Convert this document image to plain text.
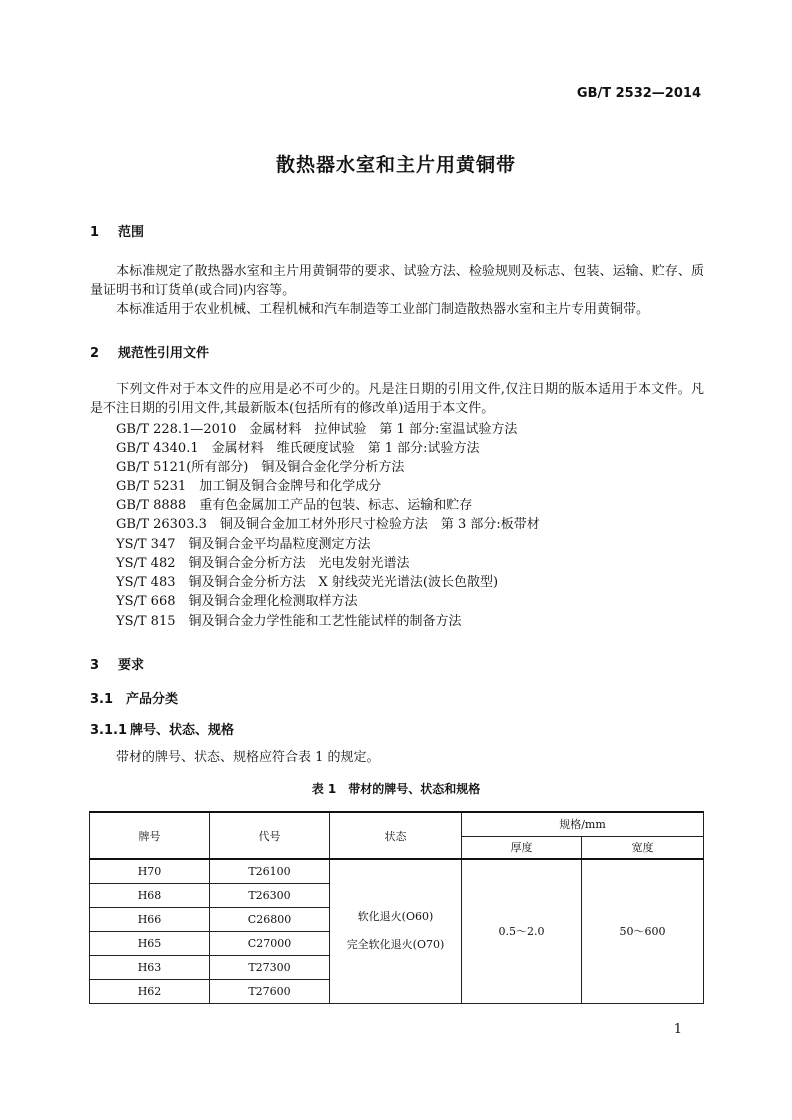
GB/T 2532—2014
散热器水室和主片用黄铜带
1 范围
本标准规定了散热器水室和主片用黄铜带的要求、试验方法、检验规则及标志、包装、运输、贮存、质量证明书和订货单(或合同)内容等。
本标准适用于农业机械、工程机械和汽车制造等工业部门制造散热器水室和主片专用黄铜带。
2 规范性引用文件
下列文件对于本文件的应用是必不可少的。凡是注日期的引用文件,仅注日期的版本适用于本文件。凡是不注日期的引用文件,其最新版本(包括所有的修改单)适用于本文件。
GB/T 228.1—2010　金属材料　拉伸试验　第 1 部分:室温试验方法
GB/T 4340.1　金属材料　维氏硬度试验　第 1 部分:试验方法
GB/T 5121(所有部分)　铜及铜合金化学分析方法
GB/T 5231　加工铜及铜合金牌号和化学成分
GB/T 8888　重有色金属加工产品的包装、标志、运输和贮存
GB/T 26303.3　铜及铜合金加工材外形尺寸检验方法　第 3 部分:板带材
YS/T 347　铜及铜合金平均晶粒度测定方法
YS/T 482　铜及铜合金分析方法　光电发射光谱法
YS/T 483　铜及铜合金分析方法　X 射线荧光光谱法(波长色散型)
YS/T 668　铜及铜合金理化检测取样方法
YS/T 815　铜及铜合金力学性能和工艺性能试样的制备方法
3 要求
3.1 产品分类
3.1.1 牌号、状态、规格
带材的牌号、状态、规格应符合表 1 的规定。
表 1　带材的牌号、状态和规格
牌号	代号	状态	规格/mm	
			厚度	宽度
H70	T26100	软化退火(O60)
完全软化退火(O70)	0.5～2.0	50～600
H68	T26300			
H66	C26800			
H65	C27000			
H63	T27300			
H62	T27600			
1
